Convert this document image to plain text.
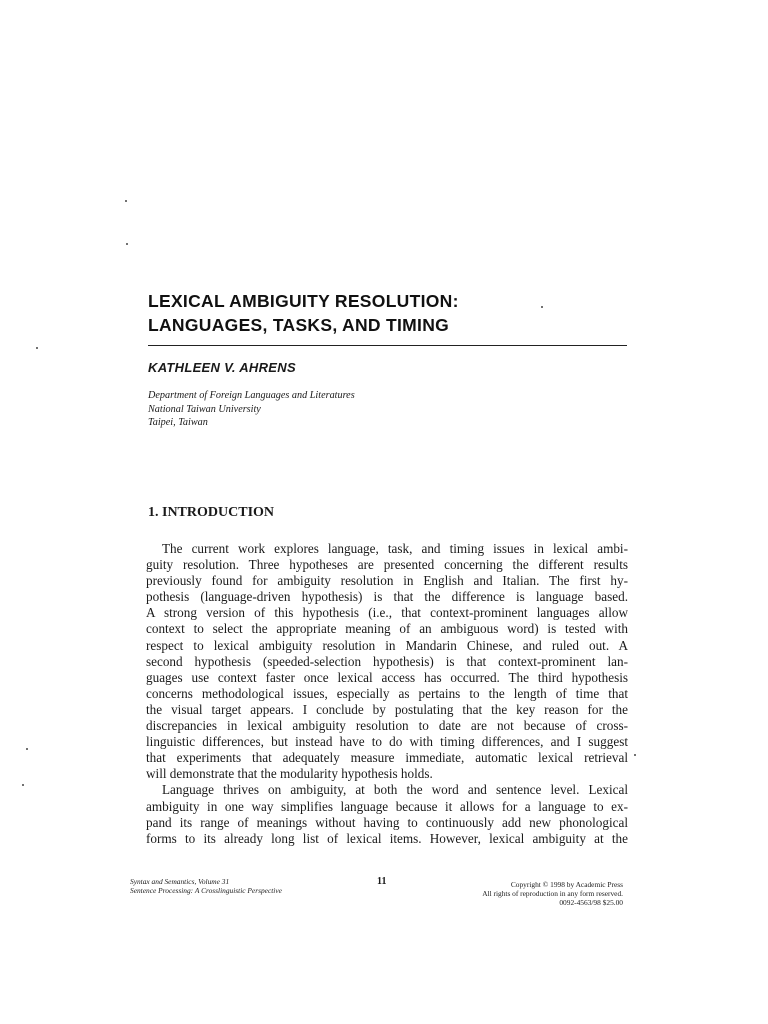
LEXICAL AMBIGUITY RESOLUTION:
LANGUAGES, TASKS, AND TIMING
KATHLEEN V. AHRENS
Department of Foreign Languages and Literatures
National Taiwan University
Taipei, Taiwan
1. INTRODUCTION
The current work explores language, task, and timing issues in lexical ambi-
guity resolution. Three hypotheses are presented concerning the different results
previously found for ambiguity resolution in English and Italian. The first hy-
pothesis (language-driven hypothesis) is that the difference is language based.
A strong version of this hypothesis (i.e., that context-prominent languages allow
context to select the appropriate meaning of an ambiguous word) is tested with
respect to lexical ambiguity resolution in Mandarin Chinese, and ruled out. A
second hypothesis (speeded-selection hypothesis) is that context-prominent lan-
guages use context faster once lexical access has occurred. The third hypothesis
concerns methodological issues, especially as pertains to the length of time that
the visual target appears. I conclude by postulating that the key reason for the
discrepancies in lexical ambiguity resolution to date are not because of cross-
linguistic differences, but instead have to do with timing differences, and I suggest
that experiments that adequately measure immediate, automatic lexical retrieval
will demonstrate that the modularity hypothesis holds.
Language thrives on ambiguity, at both the word and sentence level. Lexical
ambiguity in one way simplifies language because it allows for a language to ex-
pand its range of meanings without having to continuously add new phonological
forms to its already long list of lexical items. However, lexical ambiguity at the
Syntax and Semantics, Volume 31
Sentence Processing: A Crosslinguistic Perspective
11	Copyright © 1998 by Academic Press
All rights of reproduction in any form reserved.
0092-4563/98 $25.00
